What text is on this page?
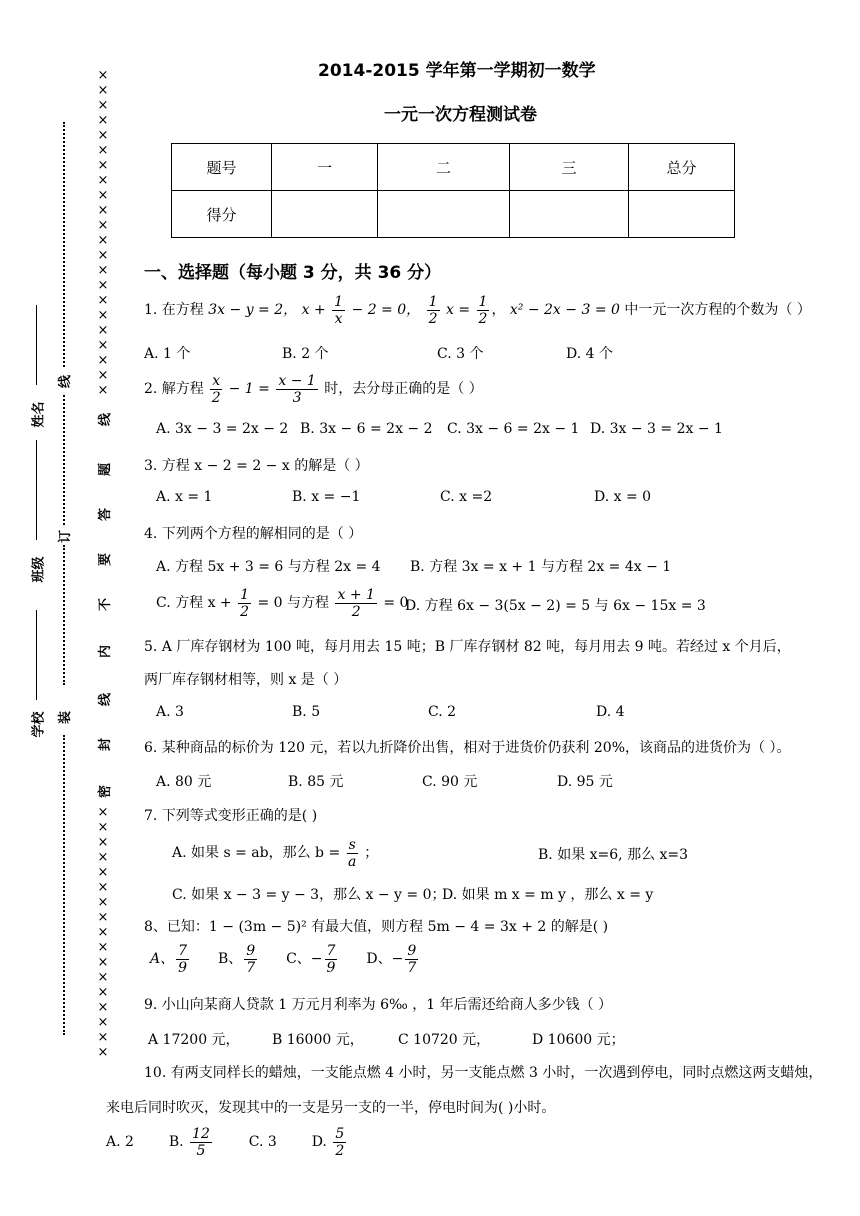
线
订
装
姓名
班级
学校
××××××××××××××××××××××
线
题
答
要
不
内
线
封
密
×××××××××××××××××
2014-2015 学年第一学期初一数学
一元一次方程测试卷
题号	一	二	三	总分
得分				
一、选择题（每小题 3 分，共 36 分）
1. 在方程 3x − y = 2， $x + \frac{1}{x} - 2 = 0$， $\frac{1}{2}$ $x = \frac{1}{2}$ ， x² − 2x − 3 = 0 中一元一次方程的个数为（ ）
A. 1 个	B. 2 个	C. 3 个	D. 4 个
2. 解方程 $\frac{x}{2} - 1 = \frac{x - 1}{3}$ 时，去分母正确的是（ ）
A. 3x − 3 = 2x − 2 B. 3x − 6 = 2x − 2 C. 3x − 6 = 2x − 1 D. 3x − 3 = 2x − 1
3. 方程 x − 2 = 2 − x 的解是（ ）
A. x = 1	B. x = −1	C. x =2	D. x = 0
4. 下列两个方程的解相同的是（ ）
A. 方程 5x + 3 = 6 与方程 2x = 4 B. 方程 3x = x + 1 与方程 2x = 4x − 1
C. 方程 $x + \frac{1}{2} = 0$ 与方程 $\frac{x + 1}{2} = 0$
D. 方程 6x − 3(5x − 2) = 5 与 6x − 15x = 3
5. A 厂库存钢材为 100 吨，每月用去 15 吨；B 厂库存钢材 82 吨，每月用去 9 吨。若经过 x 个月后，
两厂库存钢材相等，则 x 是（ ）
A. 3	B. 5	C. 2	D. 4
6. 某种商品的标价为 120 元，若以九折降价出售，相对于进货价仍获利 20%，该商品的进货价为（ ）。
A. 80 元	B. 85 元	C. 90 元	D. 95 元
7. 下列等式变形正确的是( )
A. 如果 s = ab，那么 $b = \frac{s}{a}$ ；	B. 如果 x=6, 那么 x=3
C. 如果 x − 3 = y − 3，那么 x − y = 0；
D. 如果 m x = m y ，那么 x = y
8、已知：1 − (3m − 5)² 有最大值，则方程 5m − 4 = 3x + 2 的解是( )
A、 $\frac{7}{9}$ B、 $\frac{9}{7}$ C、− $\frac{7}{9}$ D、− $\frac{9}{7}$
9. 小山向某商人贷款 1 万元月利率为 6‰ ，1 年后需还给商人多少钱（ ）
A 17200 元， B 16000 元， C 10720 元，	D 10600 元；
10. 有两支同样长的蜡烛，一支能点燃 4 小时，另一支能点燃 3 小时，一次遇到停电，同时点燃这两支蜡烛，
来电后同时吹灭，发现其中的一支是另一支的一半，停电时间为( )小时。
A. 2 B. $\frac{12}{5}$	C. 3 D. $\frac{5}{2}$
